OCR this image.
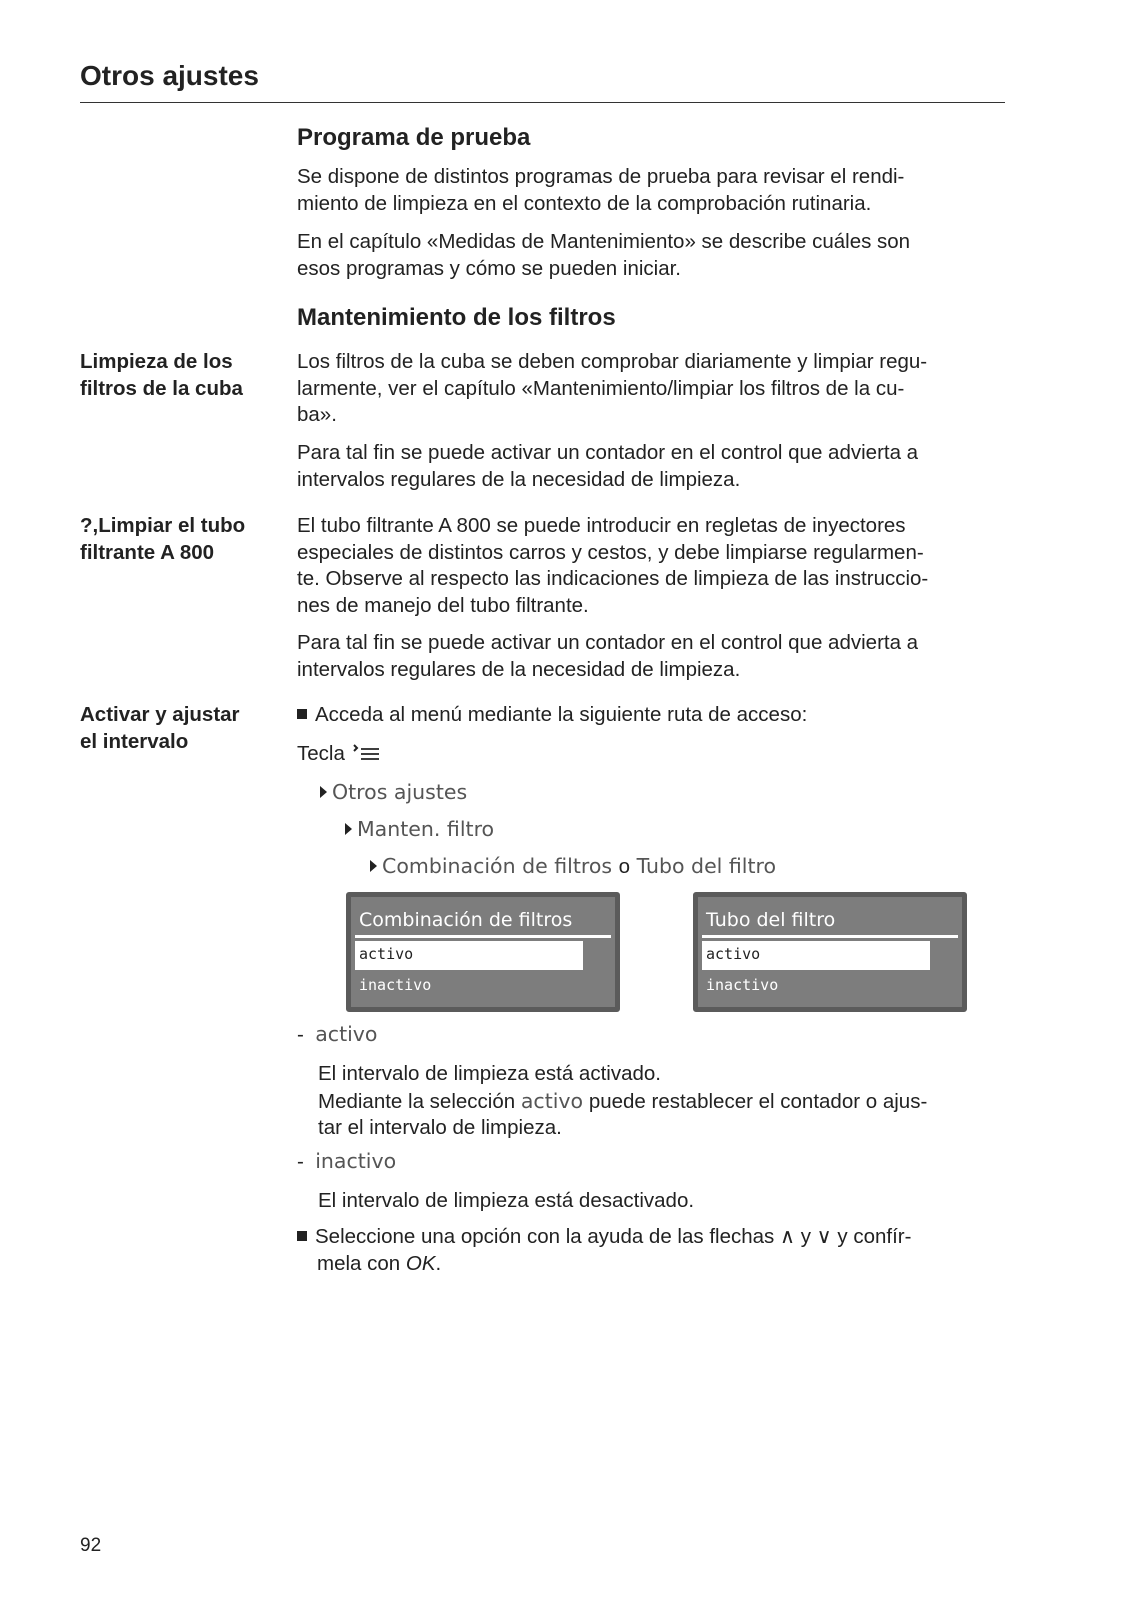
Otros ajustes
Programa de prueba
Se dispone de distintos programas de prueba para revisar el rendi-
miento de limpieza en el contexto de la comprobación rutinaria.
En el capítulo «Medidas de Mantenimiento» se describe cuáles son
esos programas y cómo se pueden iniciar.
Mantenimiento de los filtros
Limpieza de los
filtros de la cuba
Los filtros de la cuba se deben comprobar diariamente y limpiar regu-
larmente, ver el capítulo «Mantenimiento/limpiar los filtros de la cu-
ba».
Para tal fin se puede activar un contador en el control que advierta a
intervalos regulares de la necesidad de limpieza.
?,Limpiar el tubo
filtrante A 800
El tubo filtrante A 800 se puede introducir en regletas de inyectores
especiales de distintos carros y cestos, y debe limpiarse regularmen-
te. Observe al respecto las indicaciones de limpieza de las instruccio-
nes de manejo del tubo filtrante.
Para tal fin se puede activar un contador en el control que advierta a
intervalos regulares de la necesidad de limpieza.
Activar y ajustar
el intervalo
Acceda al menú mediante la siguiente ruta de acceso:
Tecla
Otros ajustes
Manten. filtro
Combinación de filtros o Tubo del filtro
Combinación de filtros
activo
inactivo
Tubo del filtro
activo
inactivo
- activo
El intervalo de limpieza está activado.
Mediante la selección activo puede restablecer el contador o ajus-
tar el intervalo de limpieza.
- inactivo
El intervalo de limpieza está desactivado.
Seleccione una opción con la ayuda de las flechas ∧ y ∨ y confír-
mela con OK.
92
